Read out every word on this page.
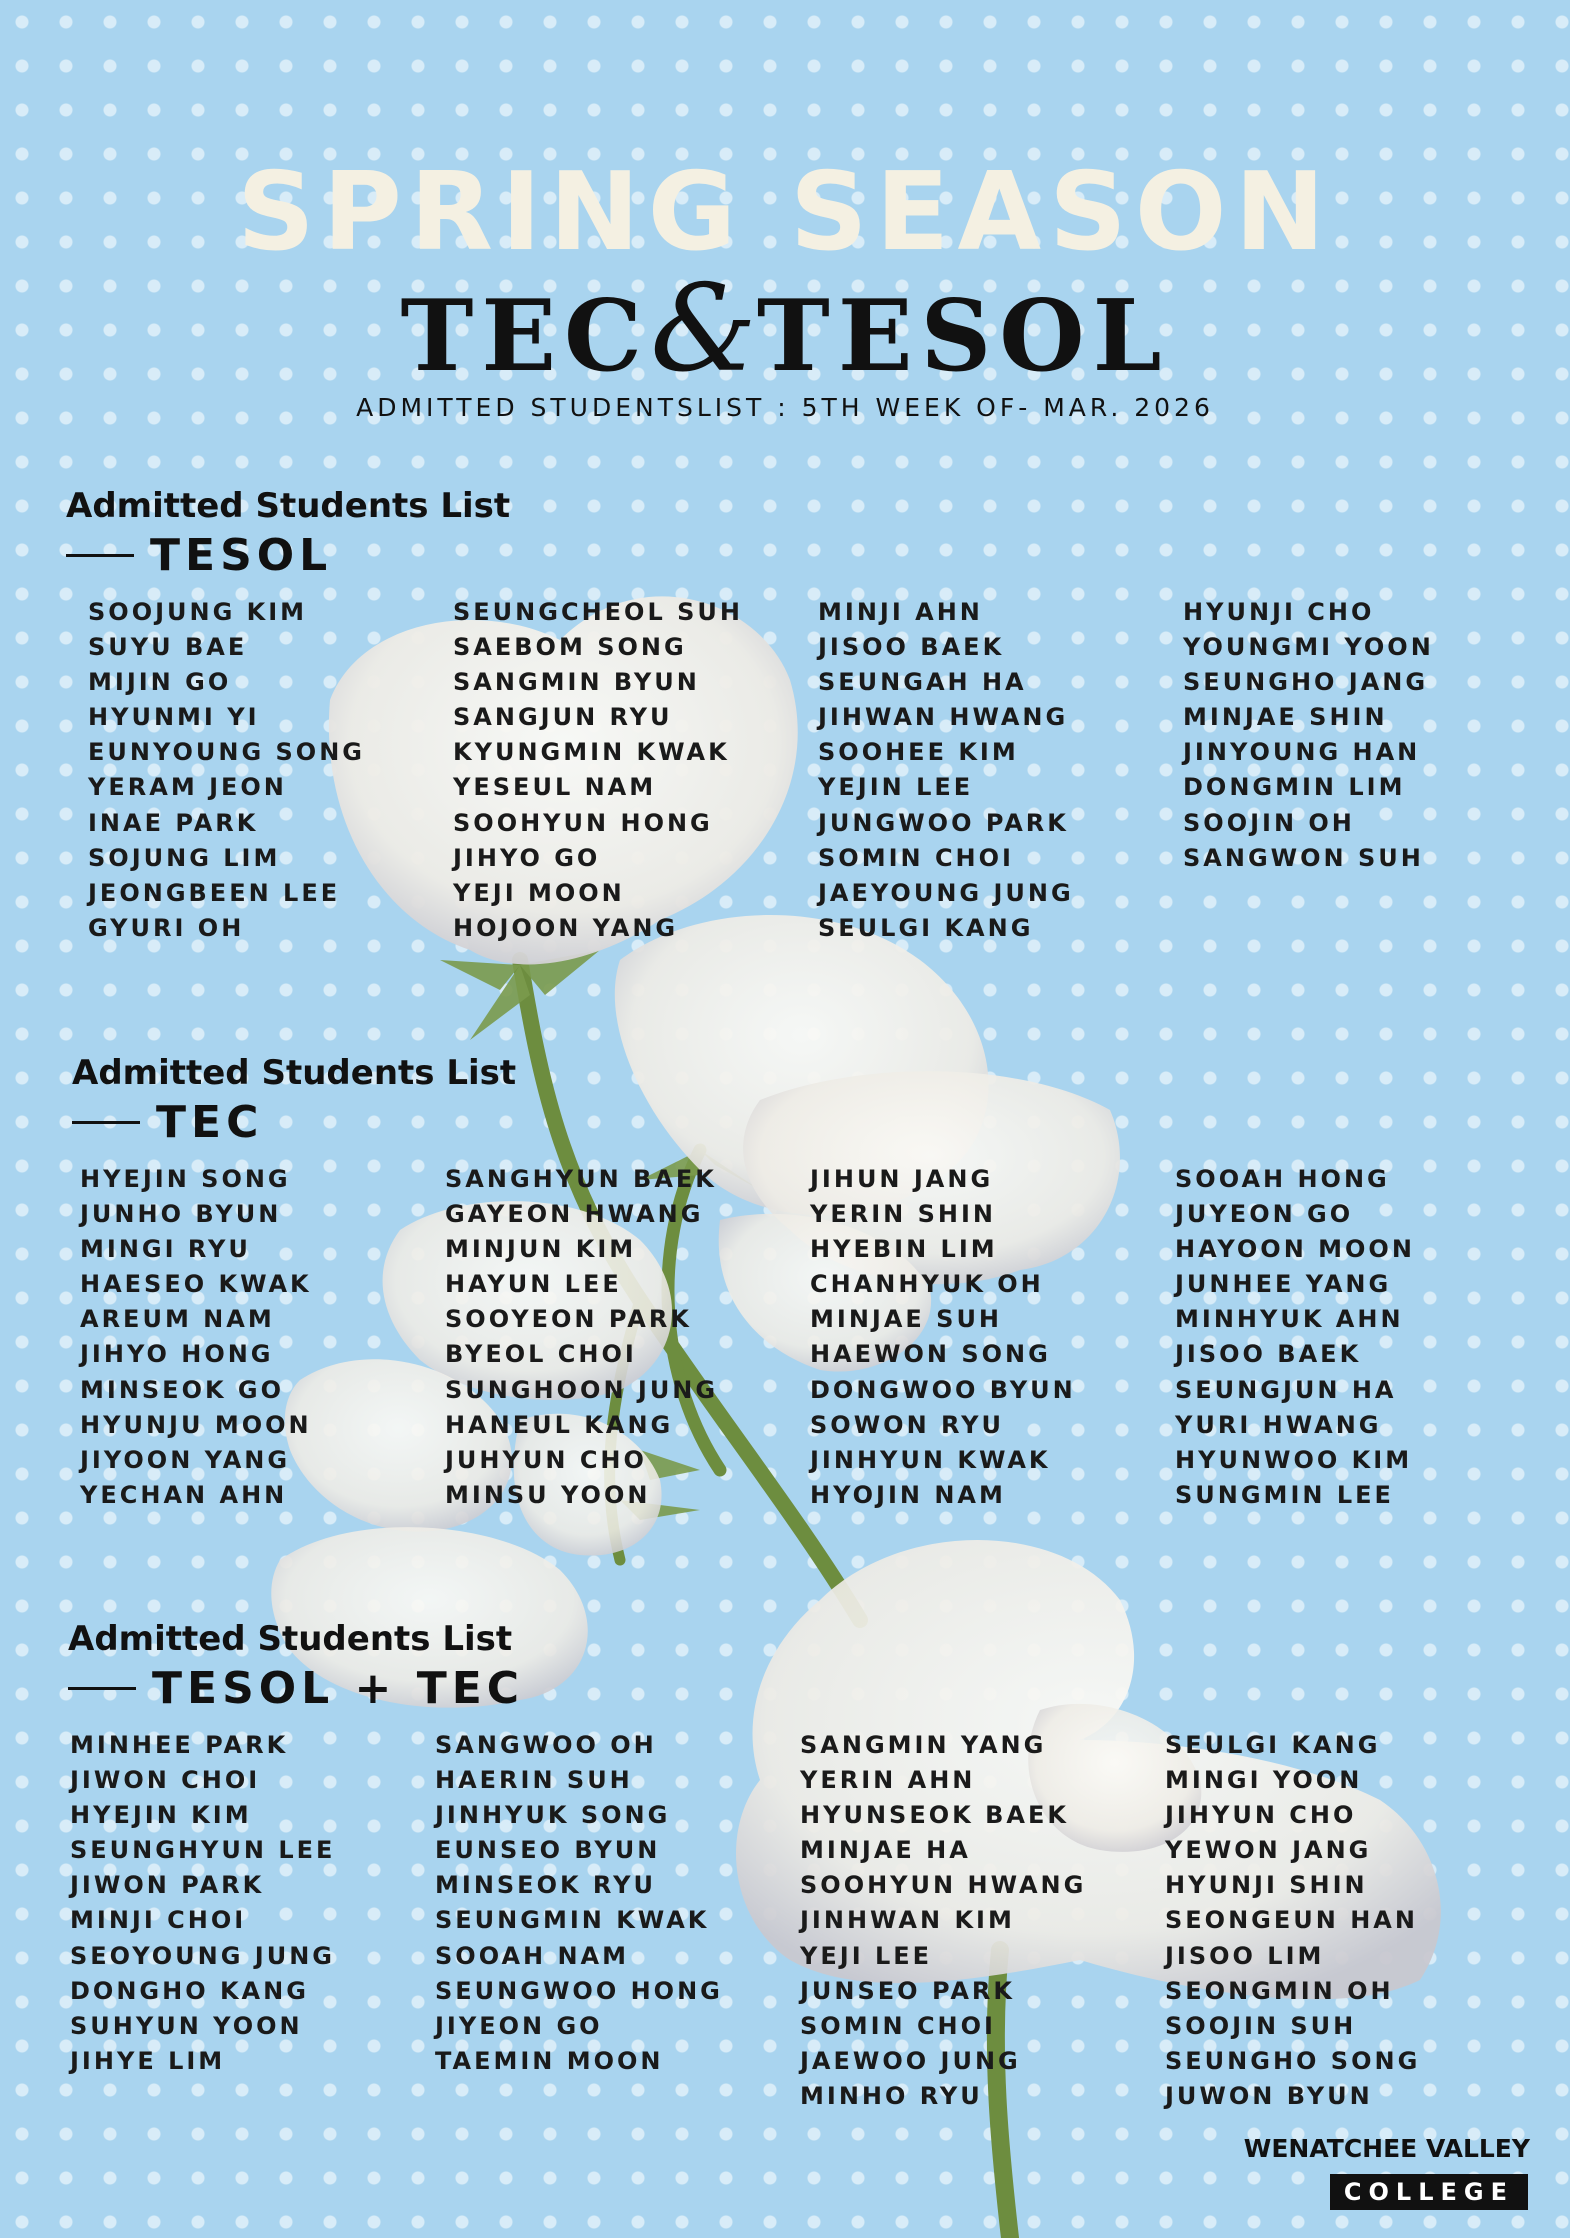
SPRING SEASON
TEC&TESOL
ADMITTED STUDENTSLIST : 5TH WEEK OF- MAR. 2026
Admitted Students List
TESOL
SOOJUNG KIM
SUYU BAE
MIJIN GO
HYUNMI YI
EUNYOUNG SONG
YERAM JEON
INAE PARK
SOJUNG LIM
JEONGBEEN LEE
GYURI OH
SEUNGCHEOL SUH
SAEBOM SONG
SANGMIN BYUN
SANGJUN RYU
KYUNGMIN KWAK
YESEUL NAM
SOOHYUN HONG
JIHYO GO
YEJI MOON
HOJOON YANG
MINJI AHN
JISOO BAEK
SEUNGAH HA
JIHWAN HWANG
SOOHEE KIM
YEJIN LEE
JUNGWOO PARK
SOMIN CHOI
JAEYOUNG JUNG
SEULGI KANG
HYUNJI CHO
YOUNGMI YOON
SEUNGHO JANG
MINJAE SHIN
JINYOUNG HAN
DONGMIN LIM
SOOJIN OH
SANGWON SUH
Admitted Students List
TEC
HYEJIN SONG
JUNHO BYUN
MINGI RYU
HAESEO KWAK
AREUM NAM
JIHYO HONG
MINSEOK GO
HYUNJU MOON
JIYOON YANG
YECHAN AHN
SANGHYUN BAEK
GAYEON HWANG
MINJUN KIM
HAYUN LEE
SOOYEON PARK
BYEOL CHOI
SUNGHOON JUNG
HANEUL KANG
JUHYUN CHO
MINSU YOON
JIHUN JANG
YERIN SHIN
HYEBIN LIM
CHANHYUK OH
MINJAE SUH
HAEWON SONG
DONGWOO BYUN
SOWON RYU
JINHYUN KWAK
HYOJIN NAM
SOOAH HONG
JUYEON GO
HAYOON MOON
JUNHEE YANG
MINHYUK AHN
JISOO BAEK
SEUNGJUN HA
YURI HWANG
HYUNWOO KIM
SUNGMIN LEE
Admitted Students List
TESOL + TEC
MINHEE PARK
JIWON CHOI
HYEJIN KIM
SEUNGHYUN LEE
JIWON PARK
MINJI CHOI
SEOYOUNG JUNG
DONGHO KANG
SUHYUN YOON
JIHYE LIM
SANGWOO OH
HAERIN SUH
JINHYUK SONG
EUNSEO BYUN
MINSEOK RYU
SEUNGMIN KWAK
SOOAH NAM
SEUNGWOO HONG
JIYEON GO
TAEMIN MOON
SANGMIN YANG
YERIN AHN
HYUNSEOK BAEK
MINJAE HA
SOOHYUN HWANG
JINHWAN KIM
YEJI LEE
JUNSEO PARK
SOMIN CHOI
JAEWOO JUNG
MINHO RYU
SEULGI KANG
MINGI YOON
JIHYUN CHO
YEWON JANG
HYUNJI SHIN
SEONGEUN HAN
JISOO LIM
SEONGMIN OH
SOOJIN SUH
SEUNGHO SONG
JUWON BYUN
WENATCHEE VALLEY
COLLEGE
